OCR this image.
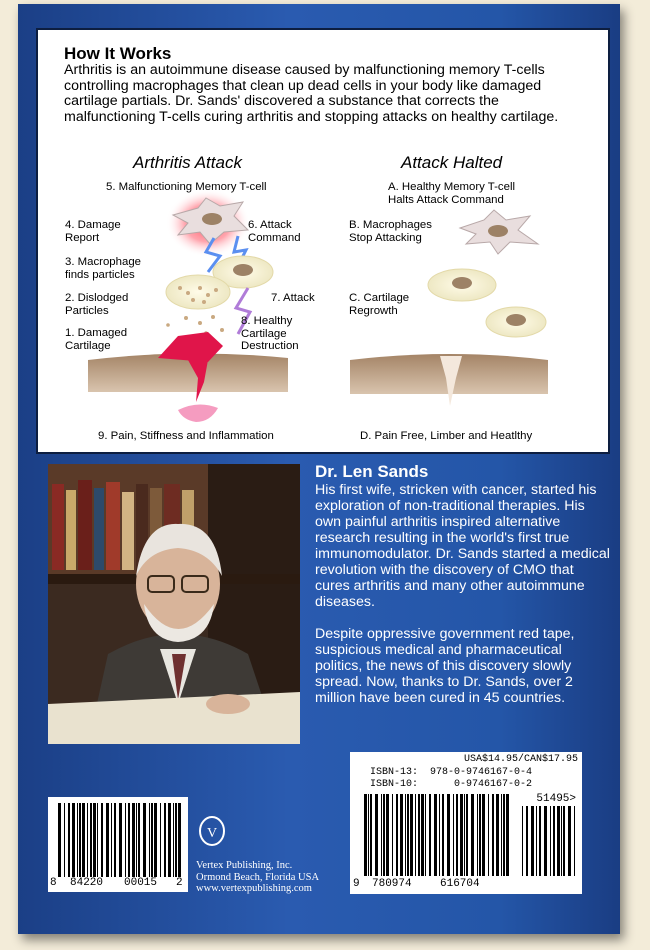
How It Works
Arthritis is an autoimmune disease caused by malfunctioning memory T-cells controlling macrophages that clean up dead cells in your body like damaged cartilage partials. Dr. Sands' discovered a substance that corrects the malfunctioning T-cells curing arthritis and stopping attacks on healthy cartilage.
Arthritis Attack	Attack Halted
5. Malfunctioning Memory T-cell
4. Damage
Report
6. Attack
Command
3. Macrophage
finds particles
2. Dislodged
Particles
7. Attack
8. Healthy
Cartilage
Destruction
1. Damaged
Cartilage
9. Pain, Stiffness and Inflammation
A. Healthy Memory T-cell
Halts Attack Command
B. Macrophages
Stop Attacking
C. Cartilage
Regrowth
D. Pain Free, Limber and Heatlthy
Dr. Len Sands

His first wife, stricken with cancer, started his exploration of non-traditional therapies. His own painful arthritis inspired alternative research resulting in the world's first true immunomodulator. Dr. Sands started a medical revolution with the discovery of CMO that cures arthritis and many other autoimmune diseases.

Despite oppressive government red tape, suspicious medical and pharmaceutical politics, the news of this discovery slowly spread. Now, thanks to Dr. Sands, over 2 million have been cured in 45 countries.

8 84220 00015 2
V
Vertex Publishing, Inc.
Ormond Beach, Florida USA
www.vertexpublishing.com
USA$14.95/CAN$17.95
ISBN-13:  978-0-9746167-0-4
ISBN-10:      0-9746167-0-2
51495>
9 780974	616704
